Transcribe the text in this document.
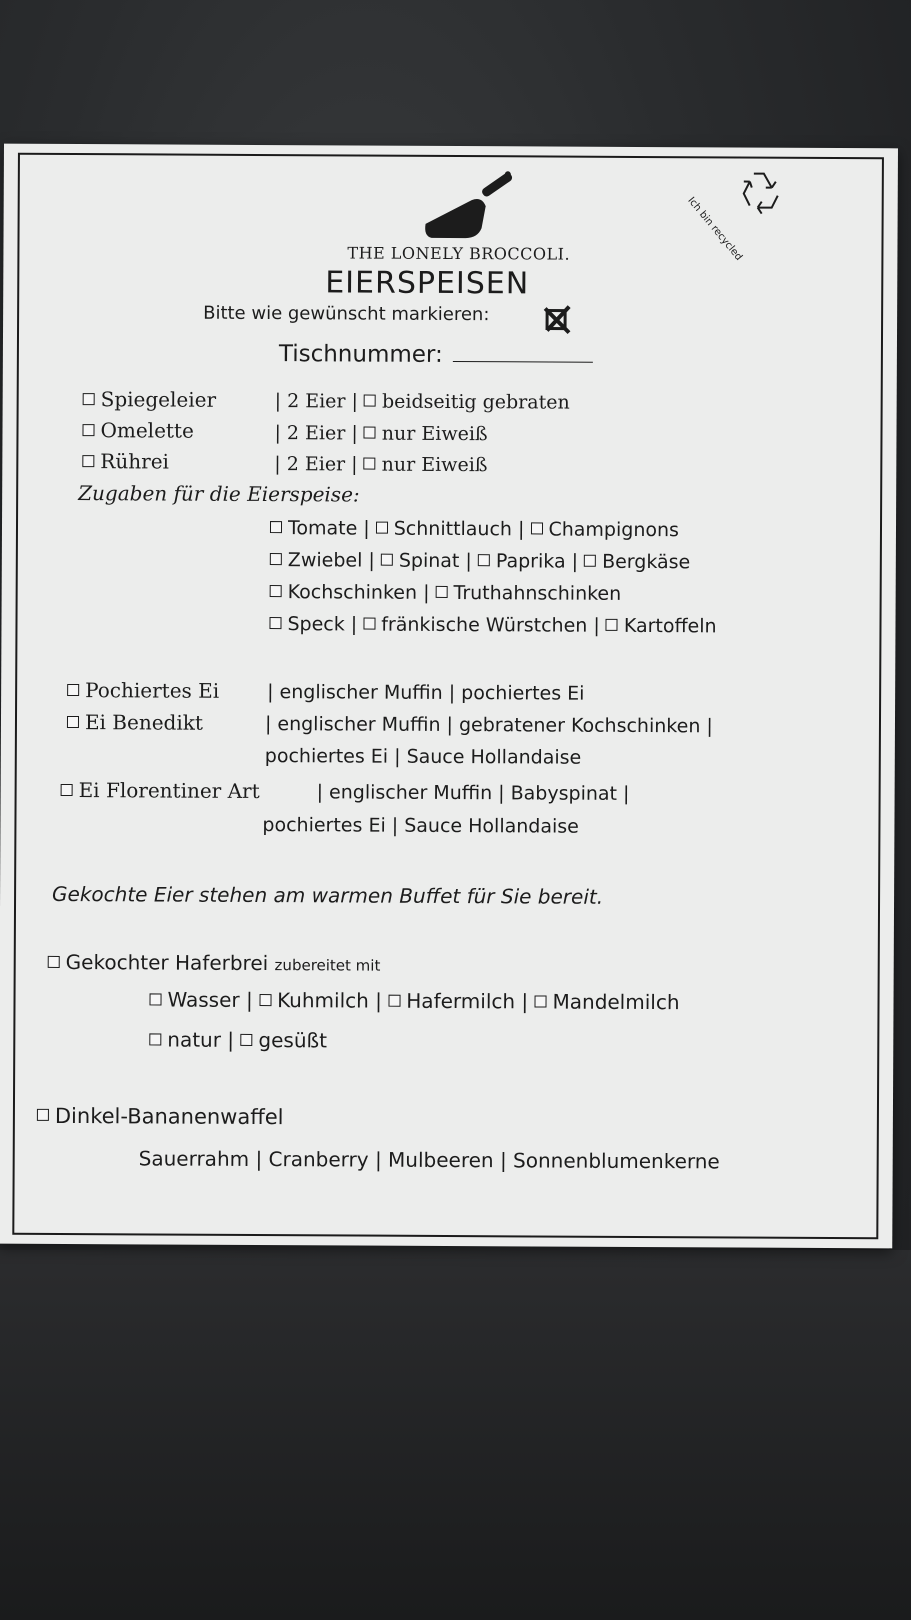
Ich bin recycled
THE LONELY BROCCOLI.
EIERSPEISEN
Bitte wie gewünscht markieren:
Tischnummer:
Spiegeleier	| 2 Eier | beidseitig gebraten
Omelette	| 2 Eier | nur Eiweiß
Rührei	| 2 Eier | nur Eiweiß
Zugaben für die Eierspeise:
Tomate | Schnittlauch | Champignons
Zwiebel | Spinat | Paprika | Bergkäse
Kochschinken | Truthahnschinken
Speck | fränkische Würstchen | Kartoffeln
Pochiertes Ei	| englischer Muffin | pochiertes Ei
Ei Benedikt	| englischer Muffin | gebratener Kochschinken |
pochiertes Ei | Sauce Hollandaise
Ei Florentiner Art	| englischer Muffin | Babyspinat |
pochiertes Ei | Sauce Hollandaise
Gekochte Eier stehen am warmen Buffet für Sie bereit.
Gekochter Haferbrei zubereitet mit
Wasser | Kuhmilch | Hafermilch | Mandelmilch
natur | gesüßt
Dinkel-Bananenwaffel
Sauerrahm | Cranberry | Mulbeeren | Sonnenblumenkerne
